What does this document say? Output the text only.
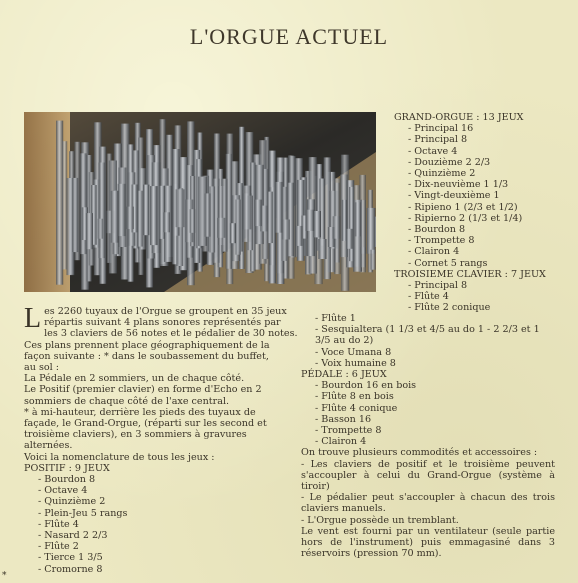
L'ORGUE ACTUEL
GRAND-ORGUE : 13 JEUX
- Principal 16
- Principal 8
- Octave 4
- Douzième 2 2/3
- Quinzième 2
- Dix-neuvième 1 1/3
- Vingt-deuxième 1
- Ripieno 1 (2/3 et 1/2)
- Ripierno 2 (1/3 et 1/4)
- Bourdon 8
- Trompette 8
- Clairon 4
- Cornet 5 rangs
TROISIEME CLAVIER : 7 JEUX
- Principal 8
- Flûte 4
- Flûte 2 conique
L es 2260 tuyaux de l'Orgue se groupent en 35 jeux
répartis suivant 4 plans sonores représentés par
les 3 claviers de 56 notes et le pédalier de 30 notes.
Ces plans prennent place géographiquement de la façon suivante : * dans le soubassement du buffet, au sol :
La Pédale en 2 sommiers, un de chaque côté.
Le Positif (premier clavier) en forme d'Echo en 2 sommiers de chaque côté de l'axe central.
* à mi-hauteur, derrière les pieds des tuyaux de façade, le Grand-Orgue, (réparti sur les second et troisième claviers), en 3 sommiers à gravures alternées.
Voici la nomenclature de tous les jeux :
POSITIF : 9 JEUX
- Bourdon 8
- Octave 4
- Quinzième 2
- Plein-Jeu 5 rangs
- Flûte 4
- Nasard 2 2/3
- Flûte 2
- Tierce 1 3/5
- Cromorne 8
- Flûte 1
- Sesquialtera (1 1/3 et 4/5 au do 1 - 2 2/3 et 1 3/5 au do 2)
- Voce Umana 8
- Voix humaine 8
PÉDALE : 6 JEUX
- Bourdon 16 en bois
- Flûte 8 en bois
- Flûte 4 conique
- Basson 16
- Trompette 8
- Clairon 4
On trouve plusieurs commodités et accessoires :
- Les claviers de positif et le troisième peuvent s'accoupler à celui du Grand-Orgue (système à tiroir)
- Le pédalier peut s'accoupler à chacun des trois claviers manuels.
- L'Orgue possède un tremblant.
Le vent est fourni par un ventilateur (seule partie hors de l'instrument) puis emmagasiné dans 3 réservoirs (pression 70 mm).
*
